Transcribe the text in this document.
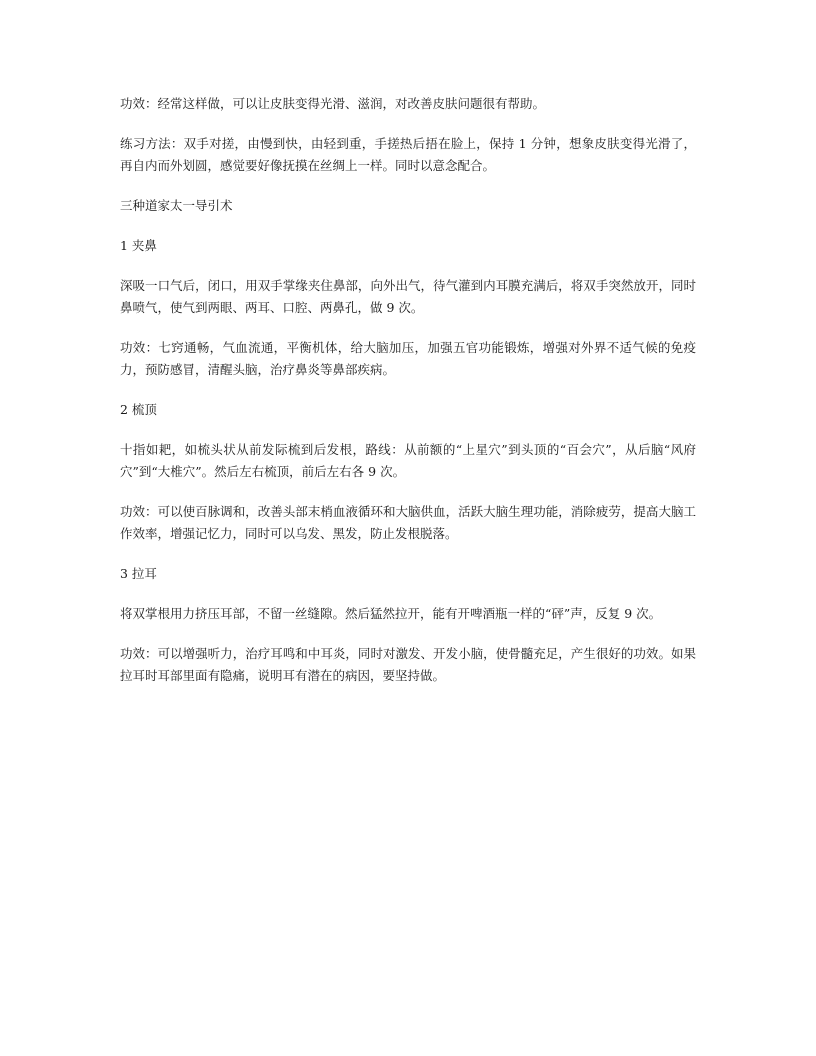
功效：经常这样做，可以让皮肤变得光滑、滋润，对改善皮肤问题很有帮助。

练习方法：双手对搓，由慢到快，由轻到重，手搓热后捂在脸上，保持 1 分钟，想象皮肤变得光滑了， 再自内而外划圆，感觉要好像抚摸在丝绸上一样。同时以意念配合。

三种道家太一导引术

1 夹鼻

深吸一口气后，闭口，用双手掌缘夹住鼻部，向外出气，待气灌到内耳膜充满后，将双手突然放开，同时鼻喷气，使气到两眼、两耳、口腔、两鼻孔，做 9 次。

功效：七窍通畅，气血流通，平衡机体，给大脑加压，加强五官功能锻炼，增强对外界不适气候的免疫力，预防感冒，清醒头脑，治疗鼻炎等鼻部疾病。

2 梳顶

十指如耙，如梳头状从前发际梳到后发根，路线：从前额的“上星穴”到头顶的“百会穴”，从后脑“风府穴”到“大椎穴”。然后左右梳顶，前后左右各 9 次。

功效：可以使百脉调和，改善头部末梢血液循环和大脑供血，活跃大脑生理功能，消除疲劳，提高大脑工作效率，增强记忆力，同时可以乌发、黑发，防止发根脱落。

3 拉耳

将双掌根用力挤压耳部，不留一丝缝隙。然后猛然拉开，能有开啤酒瓶一样的“砰”声，反复 9 次。

功效：可以增强听力，治疗耳鸣和中耳炎，同时对激发、开发小脑，使骨髓充足，产生很好的功效。如果拉耳时耳部里面有隐痛，说明耳有潜在的病因，要坚持做。
